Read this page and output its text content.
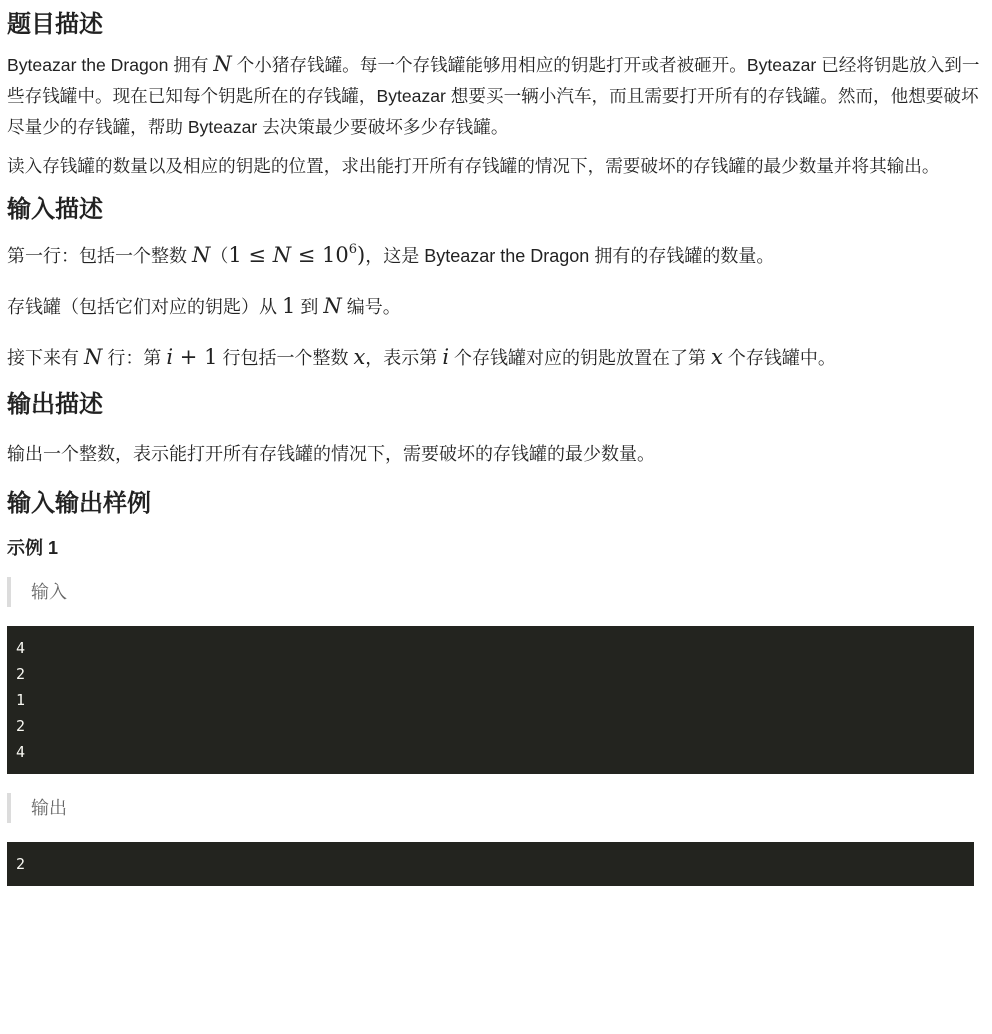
题目描述

Byteazar the Dragon 拥有 N 个小猪存钱罐。每一个存钱罐能够用相应的钥匙打开或者被砸开。Byteazar 已经将钥匙放入到一些存钱罐中。现在已知每个钥匙所在的存钱罐，Byteazar 想要买一辆小汽车，而且需要打开所有的存钱罐。然而，他想要破坏尽量少的存钱罐，帮助 Byteazar 去决策最少要破坏多少存钱罐。

读入存钱罐的数量以及相应的钥匙的位置，求出能打开所有存钱罐的情况下，需要破坏的存钱罐的最少数量并将其输出。

输入描述

第一行：包括一个整数 $N(1 \le N \le 10^6)$，这是 Byteazar the Dragon 拥有的存钱罐的数量。

存钱罐（包括它们对应的钥匙）从 1 到 N 编号。

接下来有 N 行：第 i + 1 行包括一个整数 x，表示第 i 个存钱罐对应的钥匙放置在了第 x 个存钱罐中。

输出描述

输出一个整数，表示能打开所有存钱罐的情况下，需要破坏的存钱罐的最少数量。

输入输出样例
示例 1
输入
4
2
1
2
4
输出
2
